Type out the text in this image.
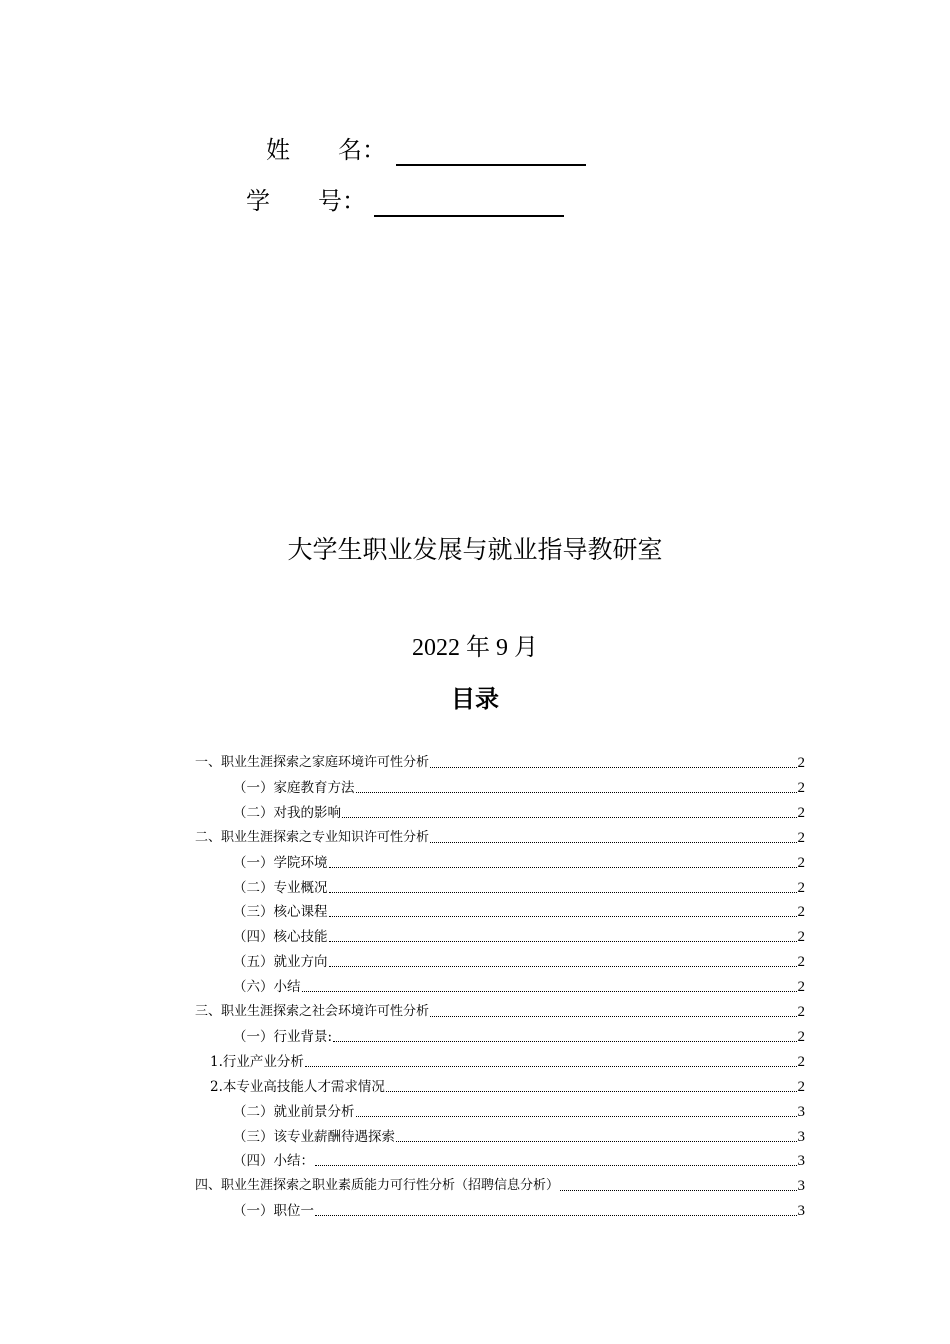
姓　　名：
学　　号：
大学生职业发展与就业指导教研室
2022 年 9 月
目录
一、职业生涯探索之家庭环境许可性分析	2
（一）家庭教育方法	2
（二）对我的影响	2
二、职业生涯探索之专业知识许可性分析	2
（一）学院环境	2
（二）专业概况	2
（三）核心课程	2
（四）核心技能	2
（五）就业方向	2
（六）小结	2
三、职业生涯探索之社会环境许可性分析	2
（一）行业背景:	2
1.行业产业分析	2
2.本专业高技能人才需求情况	2
（二）就业前景分析	3
（三）该专业薪酬待遇探索	3
（四）小结：	3
四、职业生涯探索之职业素质能力可行性分析（招聘信息分析）	3
（一）职位一	3
